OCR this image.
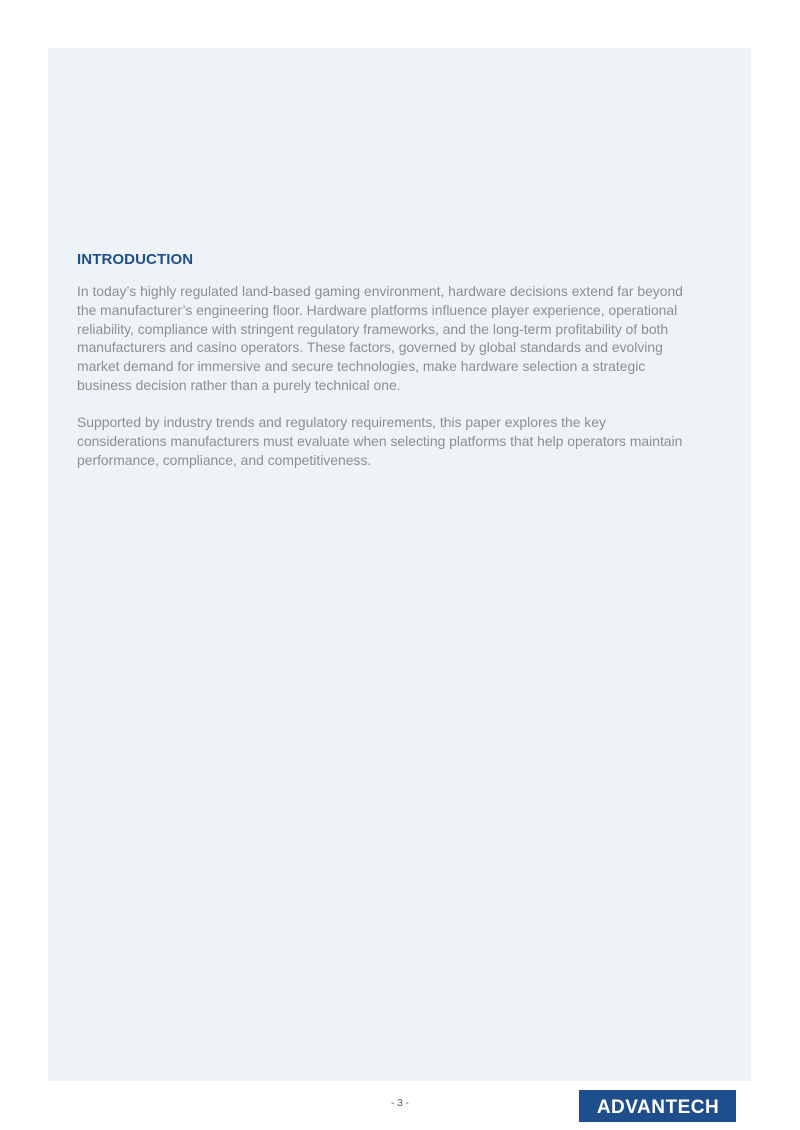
INTRODUCTION

In today’s highly regulated land-based gaming environment, hardware decisions extend far beyond
the manufacturer’s engineering floor. Hardware platforms influence player experience, operational
reliability, compliance with stringent regulatory frameworks, and the long-term profitability of both
manufacturers and casino operators. These factors, governed by global standards and evolving
market demand for immersive and secure technologies, make hardware selection a strategic
business decision rather than a purely technical one.

Supported by industry trends and regulatory requirements, this paper explores the key
considerations manufacturers must evaluate when selecting platforms that help operators maintain
performance, compliance, and competitiveness.

- 3 -	ADVANTECH
